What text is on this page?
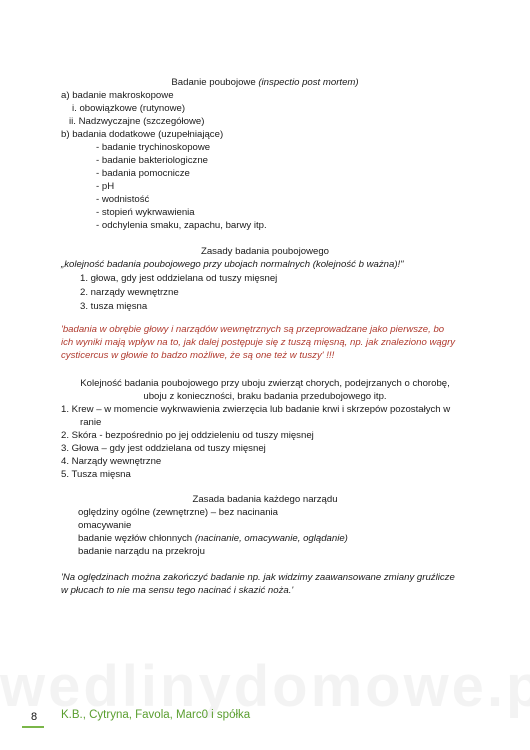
Badanie poubojowe (inspectio post mortem)
a) badanie makroskopowe
i. obowiązkowe (rutynowe)
ii. Nadzwyczajne (szczegółowe)
b) badania dodatkowe (uzupełniające)
- badanie trychinoskopowe
- badanie bakteriologiczne
- badania pomocnicze
- pH
- wodnistość
- stopień wykrwawienia
- odchylenia smaku, zapachu, barwy itp.
Zasady badania poubojowego
„kolejność badania poubojowego przy ubojach normalnych (kolejność b ważna)!"
1. głowa, gdy jest oddzielana od tuszy mięsnej
2. narządy wewnętrzne
3. tusza mięsna
'badania w obrębie głowy i narządów wewnętrznych są przeprowadzane jako pierwsze, bo
ich wyniki mają wpływ na to, jak dalej postępuje się z tuszą mięsną, np. jak znaleziono wągry
cysticercus w głowie to badzo możliwe, że są one też w tuszy' !!!
Kolejność badania poubojowego przy uboju zwierząt chorych, podejrzanych o chorobę,
uboju z konieczności, braku badania przedubojowego itp.
1. Krew – w momencie wykrwawienia zwierzęcia lub badanie krwi i skrzepów pozostałych w
ranie
2. Skóra - bezpośrednio po jej oddzieleniu od tuszy mięsnej
3. Głowa – gdy jest oddzielana od tuszy mięsnej
4. Narządy wewnętrzne
5. Tusza mięsna
Zasada badania każdego narządu
oględziny ogólne (zewnętrzne) – bez nacinania
omacywanie
badanie węzłów chłonnych (nacinanie, omacywanie, oglądanie)
badanie narządu na przekroju
'Na oględzinach można zakończyć badanie np. jak widzimy zaawansowane zmiany gruźlicze
w płucach to nie ma sensu tego nacinać i skazić noża.'
8	K.B., Cytryna, Favola, Marc0 i spółka
